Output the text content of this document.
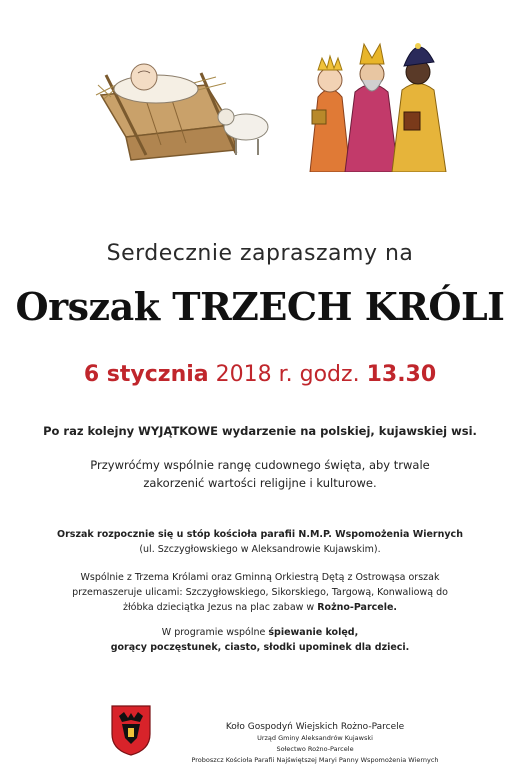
Serdecznie zapraszamy na
Orszak TRZECH KRÓLI
6 stycznia 2018 r. godz. 13.30
Po raz kolejny WYJĄTKOWE wydarzenie na polskiej, kujawskiej wsi.
Przywróćmy wspólnie rangę cudownego święta, aby trwale zakorzenić wartości religijne i kulturowe.
Orszak rozpocznie się u stóp kościoła parafii N.M.P. Wspomożenia Wiernych
(ul. Szczygłowskiego w Aleksandrowie Kujawskim).
Wspólnie z Trzema Królami oraz Gminną Orkiestrą Dętą z Ostrowąsa orszak przemaszeruje ulicami: Szczygłowskiego, Sikorskiego, Targową, Konwaliową do żłóbka dzieciątka Jezus na plac zabaw w Rożno-Parcele.
W programie wspólne śpiewanie kolęd,
gorący poczęstunek, ciasto, słodki upominek dla dzieci.
Koło Gospodyń Wiejskich Rożno-Parcele
Urząd Gminy Aleksandrów Kujawski
Sołectwo Rożno-Parcele
Proboszcz Kościoła Parafii Najświętszej Maryi Panny Wspomożenia Wiernych
